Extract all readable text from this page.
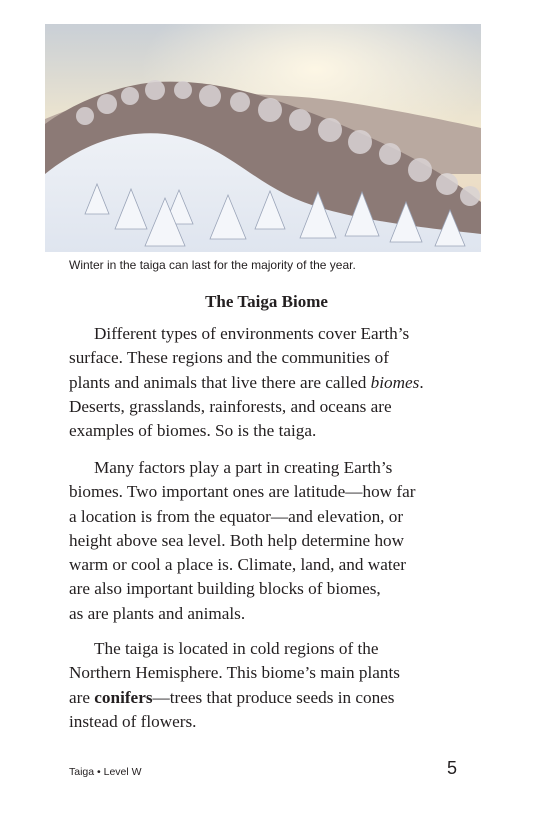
Winter in the taiga can last for the majority of the year.
The Taiga Biome

Different types of environments cover Earth’s
surface. These regions and the communities of
plants and animals that live there are called biomes.
Deserts, grasslands, rainforests, and oceans are
examples of biomes. So is the taiga.

Many factors play a part in creating Earth’s
biomes. Two important ones are latitude—how far
a location is from the equator—and elevation, or
height above sea level. Both help determine how
warm or cool a place is. Climate, land, and water
are also important building blocks of biomes,
as are plants and animals.

The taiga is located in cold regions of the
Northern Hemisphere. This biome’s main plants
are conifers—trees that produce seeds in cones
instead of flowers.

Taiga • Level W	5
